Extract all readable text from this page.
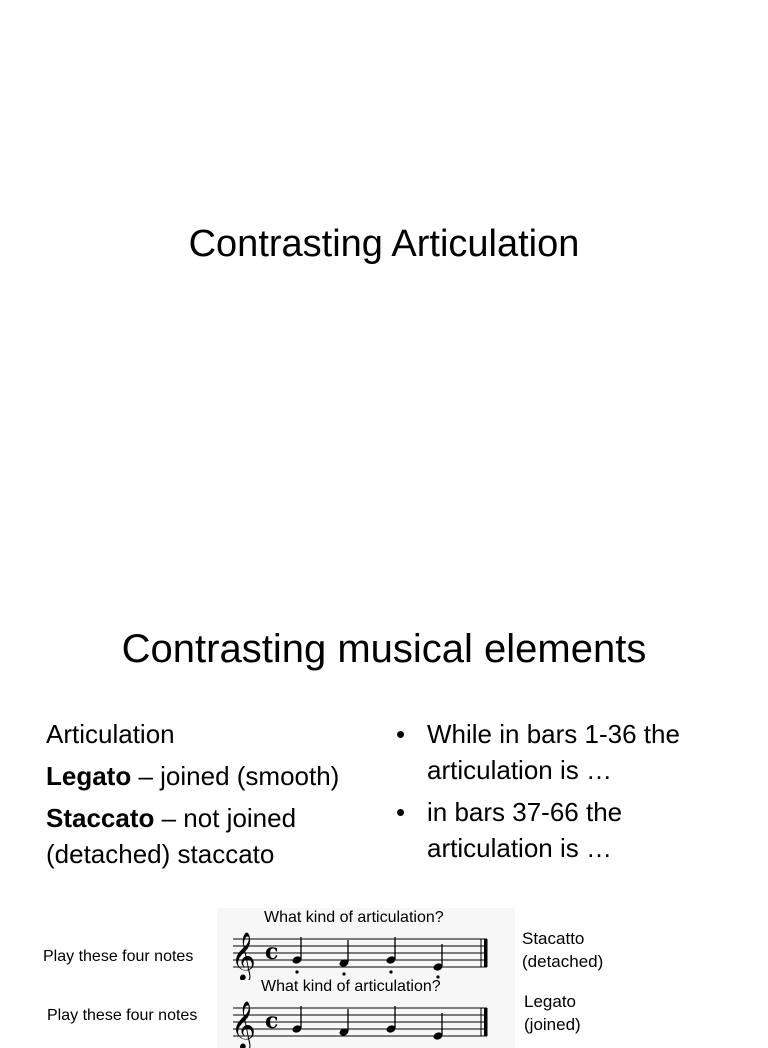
Contrasting Articulation
Contrasting musical elements

Articulation

Legato – joined (smooth)

Staccato – not joined (detached) staccato

• While in bars 1-36 the articulation is …
• in bars 37-66 the articulation is …
Play these four notes
Play these four notes
Stacatto
(detached)
Legato
(joined)
What kind of articulation?
𝄞 c
What kind of articulation?
𝄞 c
